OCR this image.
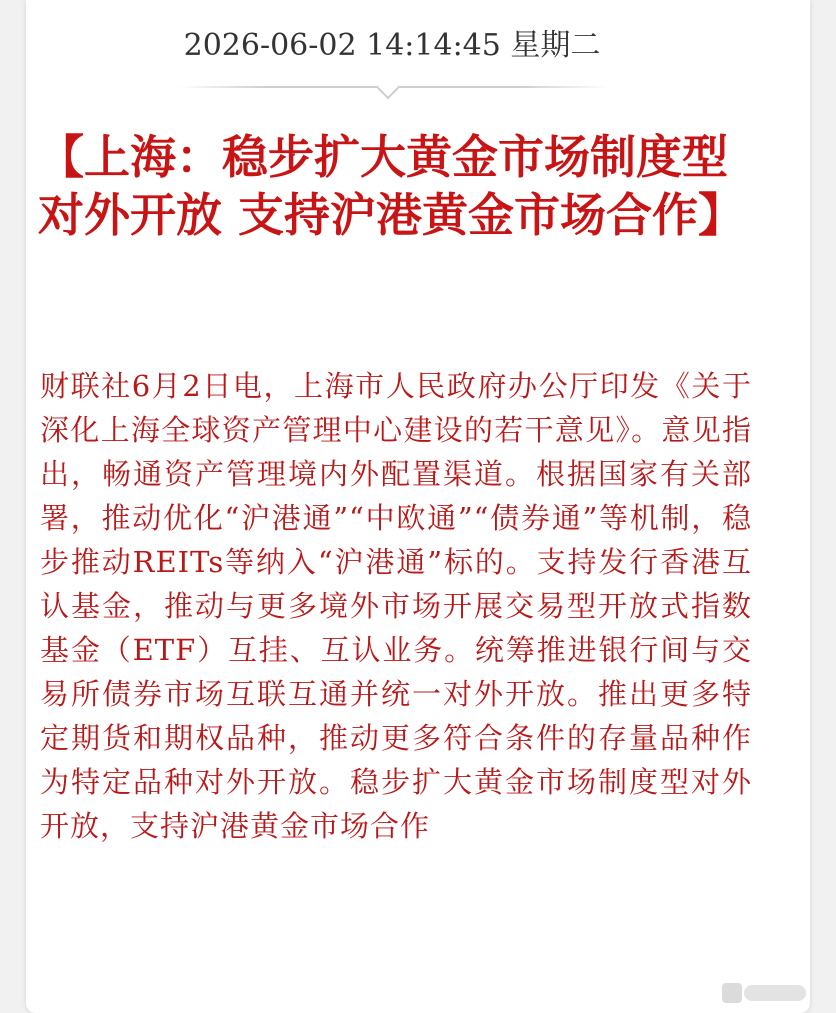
2026-06-02 14:14:45 星期二
【上海：稳步扩大黄金市场制度型对外开放 支持沪港黄金市场合作】

财联社6月2日电，上海市人民政府办公厅印发《关于深化上海全球资产管理中心建设的若干意见》。意见指出，畅通资产管理境内外配置渠道。根据国家有关部署，推动优化“沪港通”“中欧通”“债券通”等机制，稳步推动REITs等纳入“沪港通”标的。支持发行香港互认基金，推动与更多境外市场开展交易型开放式指数基金（ETF）互挂、互认业务。统筹推进银行间与交易所债券市场互联互通并统一对外开放。推出更多特定期货和期权品种，推动更多符合条件的存量品种作为特定品种对外开放。稳步扩大黄金市场制度型对外开放，支持沪港黄金市场合作
